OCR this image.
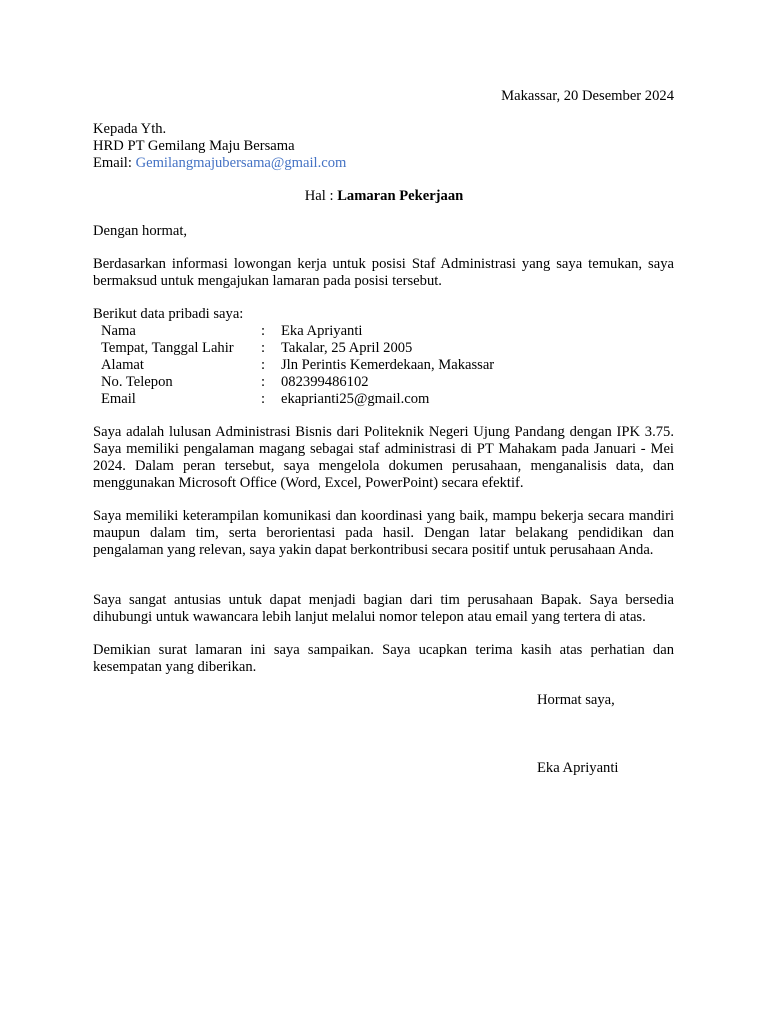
Makassar, 20 Desember 2024
Kepada Yth.
HRD PT Gemilang Maju Bersama
Email: Gemilangmajubersama@gmail.com
Hal : Lamaran Pekerjaan
Dengan hormat,
Berdasarkan informasi lowongan kerja untuk posisi Staf Administrasi yang saya temukan, saya bermaksud untuk mengajukan lamaran pada posisi tersebut.
Berikut data pribadi saya:
Nama	:	Eka Apriyanti
Tempat, Tanggal Lahir	:	Takalar, 25 April 2005
Alamat	:	Jln Perintis Kemerdekaan, Makassar
No. Telepon	:	082399486102
Email	:	ekaprianti25@gmail.com
Saya adalah lulusan Administrasi Bisnis dari Politeknik Negeri Ujung Pandang dengan IPK 3.75. Saya memiliki pengalaman magang sebagai staf administrasi di PT Mahakam pada Januari - Mei 2024. Dalam peran tersebut, saya mengelola dokumen perusahaan, menganalisis data, dan menggunakan Microsoft Office (Word, Excel, PowerPoint) secara efektif.
Saya memiliki keterampilan komunikasi dan koordinasi yang baik, mampu bekerja secara mandiri maupun dalam tim, serta berorientasi pada hasil. Dengan latar belakang pendidikan dan pengalaman yang relevan, saya yakin dapat berkontribusi secara positif untuk perusahaan Anda.
Saya sangat antusias untuk dapat menjadi bagian dari tim perusahaan Bapak. Saya bersedia dihubungi untuk wawancara lebih lanjut melalui nomor telepon atau email yang tertera di atas.
Demikian surat lamaran ini saya sampaikan. Saya ucapkan terima kasih atas perhatian dan kesempatan yang diberikan.
Hormat saya,
Eka Apriyanti
